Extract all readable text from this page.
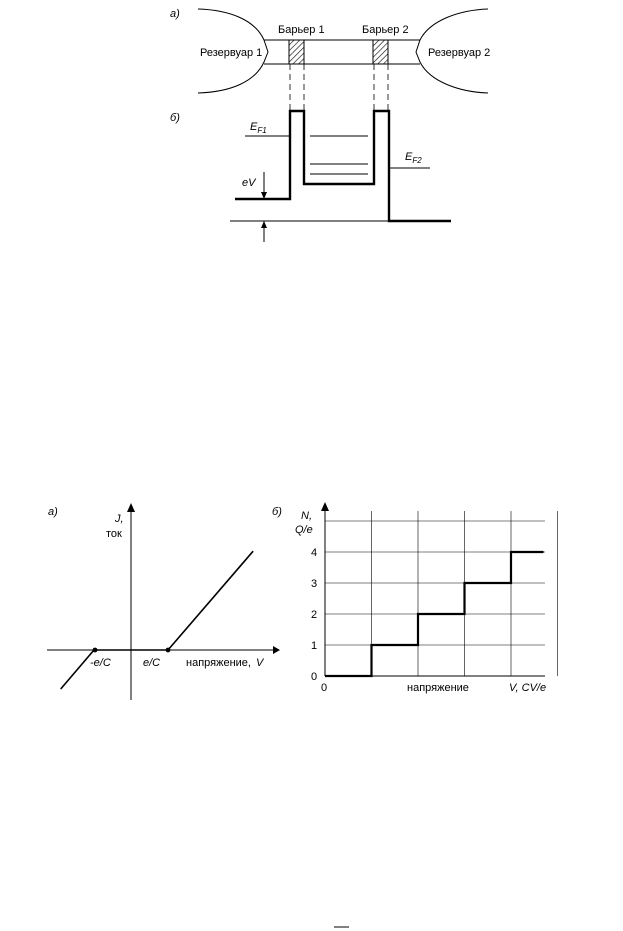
а)
Барьер 1	Барьер 2
Резервуар 1	Резервуар 2
б)
$E_{F1}$
$E_{F2}$
eV
а)
J,
ток
-e/C	e/C напряжение, V
б) N,
Q/e
0
1
2
3
4
0	напряжение	V, CV/e
